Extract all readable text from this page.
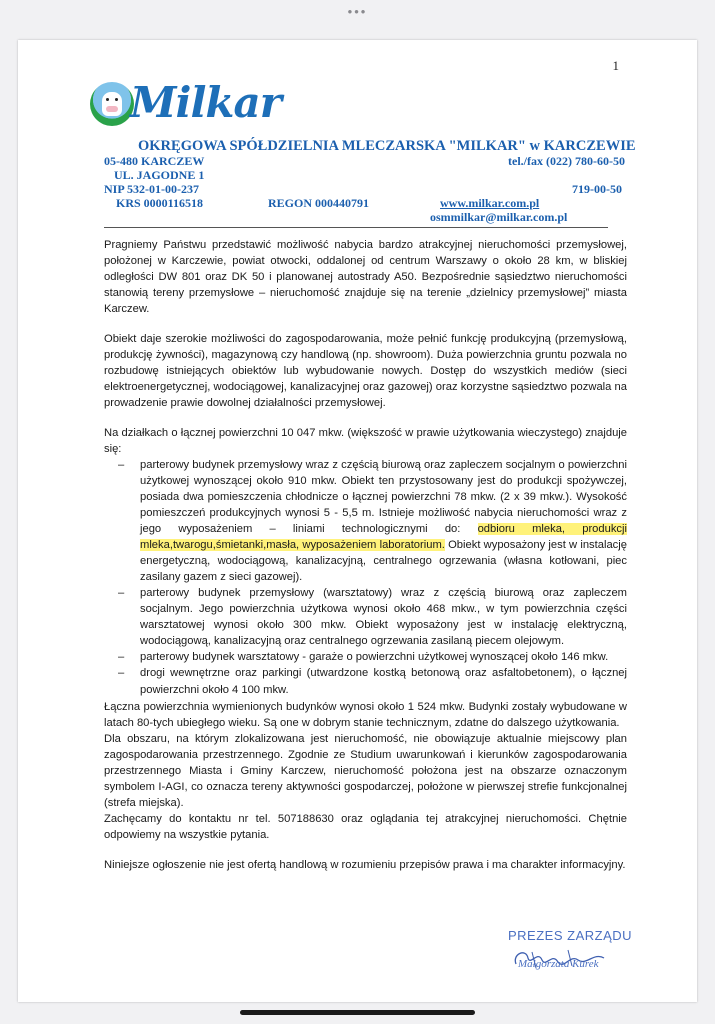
•••
1
Milkar
OKRĘGOWA SPÓŁDZIELNIA MLECZARSKA "MILKAR" w KARCZEWIE
05-480 KARCZEW
UL. JAGODNE 1
NIP 532-01-00-237
KRS 0000116518	REGON 000440791
tel./fax (022) 780-60-50
719-00-50
www.milkar.com.pl
osmmilkar@milkar.com.pl

Pragniemy Państwu przedstawić możliwość nabycia bardzo atrakcyjnej nieruchomości przemysłowej, położonej w Karczewie, powiat otwocki, oddalonej od centrum Warszawy o około 28 km, w bliskiej odległości DW 801 oraz DK 50 i planowanej autostrady A50. Bezpośrednie sąsiedztwo nieruchomości stanowią tereny przemysłowe – nieruchomość znajduje się na terenie „dzielnicy przemysłowej” miasta Karczew.

Obiekt daje szerokie możliwości do zagospodarowania, może pełnić funkcję produkcyjną (przemysłową, produkcję żywności), magazynową czy handlową (np. showroom). Duża powierzchnia gruntu pozwala no rozbudowę istniejących obiektów lub wybudowanie nowych. Dostęp do wszystkich mediów (sieci elektroenergetycznej, wodociągowej, kanalizacyjnej oraz gazowej) oraz korzystne sąsiedztwo pozwala na prowadzenie prawie dowolnej działalności przemysłowej.

Na działkach o łącznej powierzchni 10 047 mkw. (większość w prawie użytkowania wieczystego) znajduje się:

– parterowy budynek przemysłowy wraz z częścią biurową oraz zapleczem socjalnym o powierzchni użytkowej wynoszącej około 910 mkw. Obiekt ten przystosowany jest do produkcji spożywczej, posiada dwa pomieszczenia chłodnicze o łącznej powierzchni 78 mkw. (2 x 39 mkw.). Wysokość pomieszczeń produkcyjnych wynosi 5 - 5,5 m. Istnieje możliwość nabycia nieruchomości wraz z jego wyposażeniem – liniami technologicznymi do: odbioru mleka, produkcji mleka,twarogu,śmietanki,masła, wyposażeniem laboratorium. Obiekt wyposażony jest w instalację energetyczną, wodociągową, kanalizacyjną, centralnego ogrzewania (własna kotłowani, piec zasilany gazem z sieci gazowej).
– parterowy budynek przemysłowy (warsztatowy) wraz z częścią biurową oraz zapleczem socjalnym. Jego powierzchnia użytkowa wynosi około 468 mkw., w tym powierzchnia części warsztatowej wynosi około 300 mkw. Obiekt wyposażony jest w instalację elektryczną, wodociągową, kanalizacyjną oraz centralnego ogrzewania zasilaną piecem olejowym.
– parterowy budynek warsztatowy - garaże o powierzchni użytkowej wynoszącej około 146 mkw.
– drogi wewnętrzne oraz parkingi (utwardzone kostką betonową oraz asfaltobetonem), o łącznej powierzchni około 4 100 mkw.

Łączna powierzchnia wymienionych budynków wynosi około 1 524 mkw. Budynki zostały wybudowane w latach 80-tych ubiegłego wieku. Są one w dobrym stanie technicznym, zdatne do dalszego użytkowania.

Dla obszaru, na którym zlokalizowana jest nieruchomość, nie obowiązuje aktualnie miejscowy plan zagospodarowania przestrzennego. Zgodnie ze Studium uwarunkowań i kierunków zagospodarowania przestrzennego Miasta i Gminy Karczew, nieruchomość położona jest na obszarze oznaczonym symbolem I-AGI, co oznacza tereny aktywności gospodarczej, położone w pierwszej strefie funkcjonalnej (strefa miejska).

Zachęcamy do kontaktu nr tel. 507188630 oraz oglądania tej atrakcyjnej nieruchomości. Chętnie odpowiemy na wszystkie pytania.

Niniejsze ogłoszenie nie jest ofertą handlową w rozumieniu przepisów prawa i ma charakter informacyjny.

PREZES ZARZĄDU
Małgorzata Kurek
